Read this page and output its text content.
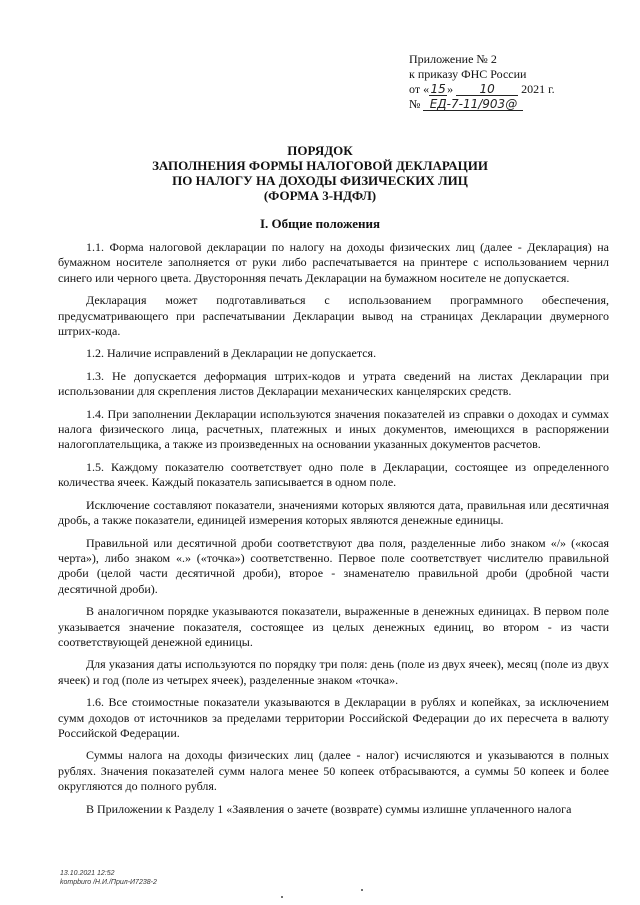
Приложение № 2
к приказу ФНС России
от «15» 10 2021 г.
№ ЕД-7-11/903@
ПОРЯДОК
ЗАПОЛНЕНИЯ ФОРМЫ НАЛОГОВОЙ ДЕКЛАРАЦИИ
ПО НАЛОГУ НА ДОХОДЫ ФИЗИЧЕСКИХ ЛИЦ
(ФОРМА 3-НДФЛ)
I. Общие положения

1.1. Форма налоговой декларации по налогу на доходы физических лиц (далее - Декларация) на бумажном носителе заполняется от руки либо распечатывается на принтере с использованием чернил синего или черного цвета. Двусторонняя печать Декларации на бумажном носителе не допускается.

Декларация может подготавливаться с использованием программного обеспечения, предусматривающего при распечатывании Декларации вывод на страницах Декларации двумерного штрих-кода.

1.2. Наличие исправлений в Декларации не допускается.

1.3. Не допускается деформация штрих-кодов и утрата сведений на листах Декларации при использовании для скрепления листов Декларации механических канцелярских средств.

1.4. При заполнении Декларации используются значения показателей из справки о доходах и суммах налога физического лица, расчетных, платежных и иных документов, имеющихся в распоряжении налогоплательщика, а также из произведенных на основании указанных документов расчетов.

1.5. Каждому показателю соответствует одно поле в Декларации, состоящее из определенного количества ячеек. Каждый показатель записывается в одном поле.

Исключение составляют показатели, значениями которых являются дата, правильная или десятичная дробь, а также показатели, единицей измерения которых являются денежные единицы.

Правильной или десятичной дроби соответствуют два поля, разделенные либо знаком «/» («косая черта»), либо знаком «.» («точка») соответственно. Первое поле соответствует числителю правильной дроби (целой части десятичной дроби), второе - знаменателю правильной дроби (дробной части десятичной дроби).

В аналогичном порядке указываются показатели, выраженные в денежных единицах. В первом поле указывается значение показателя, состоящее из целых денежных единиц, во втором - из части соответствующей денежной единицы.

Для указания даты используются по порядку три поля: день (поле из двух ячеек), месяц (поле из двух ячеек) и год (поле из четырех ячеек), разделенные знаком «точка».

1.6. Все стоимостные показатели указываются в Декларации в рублях и копейках, за исключением сумм доходов от источников за пределами территории Российской Федерации до их пересчета в валюту Российской Федерации.

Суммы налога на доходы физических лиц (далее - налог) исчисляются и указываются в полных рублях. Значения показателей сумм налога менее 50 копеек отбрасываются, а суммы 50 копеек и более округляются до полного рубля.

В Приложении к Разделу 1 «Заявления о зачете (возврате) суммы излишне уплаченного налога

13.10.2021 12:52
kompburo /Н.И./Прил-И7238-2
